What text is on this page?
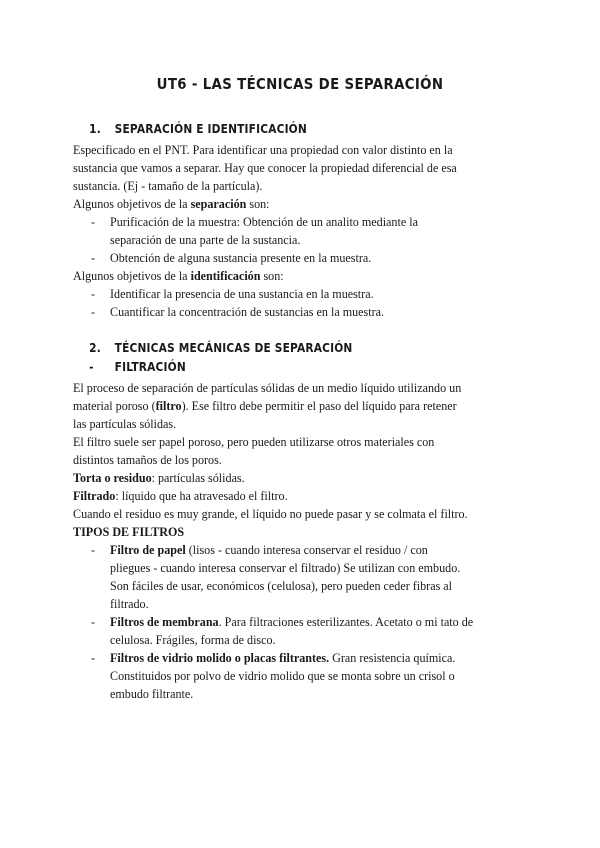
UT6 - LAS TÉCNICAS DE SEPARACIÓN
1.	SEPARACIÓN E IDENTIFICACIÓN

Especificado en el PNT. Para identificar una propiedad con valor distinto en la

sustancia que vamos a separar. Hay que conocer la propiedad diferencial de esa

sustancia. (Ej - tamaño de la partícula).

Algunos objetivos de la separación son:

- Purificación de la muestra: Obtención de un analito mediante la
separación de una parte de la sustancia.
- Obtención de alguna sustancia presente en la muestra.

Algunos objetivos de la identificación son:

- Identificar la presencia de una sustancia en la muestra.
- Cuantificar la concentración de sustancias en la muestra.
2.	TÉCNICAS MECÁNICAS DE SEPARACIÓN
-	FILTRACIÓN

El proceso de separación de partículas sólidas de un medio líquido utilizando un

material poroso (filtro). Ese filtro debe permitir el paso del líquido para retener

las partículas sólidas.

El filtro suele ser papel poroso, pero pueden utilizarse otros materiales con

distintos tamaños de los poros.

Torta o residuo: partículas sólidas.

Filtrado: líquido que ha atravesado el filtro.

Cuando el residuo es muy grande, el líquido no puede pasar y se colmata el filtro.

TIPOS DE FILTROS

- Filtro de papel (lisos - cuando interesa conservar el residuo / con
pliegues - cuando interesa conservar el filtrado) Se utilizan con embudo.
Son fáciles de usar, económicos (celulosa), pero pueden ceder fibras al
filtrado.
- Filtros de membrana. Para filtraciones esterilizantes. Acetato o mi tato de
celulosa. Frágiles, forma de disco.
- Filtros de vidrio molido o placas filtrantes. Gran resistencia química.
Constituidos por polvo de vidrio molido que se monta sobre un crisol o
embudo filtrante.
